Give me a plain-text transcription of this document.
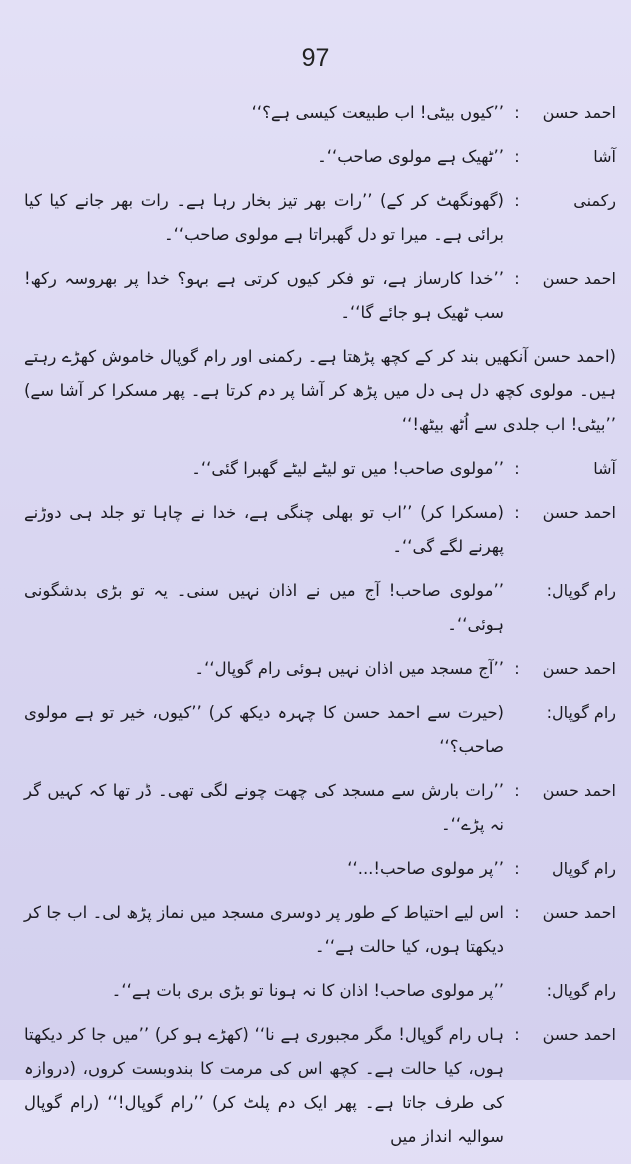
97
احمد حسن
:
’’کیوں بیٹی! اب طبیعت کیسی ہے؟‘‘
آشا
:
’’ٹھیک ہے مولوی صاحب‘‘۔
رکمنی
:
(گھونگھٹ کر کے) ’’رات بھر تیز بخار رہا ہے۔ رات بھر جانے کیا کیا برائی ہے۔ میرا تو دل گھبراتا ہے مولوی صاحب‘‘۔
احمد حسن
:
’’خدا کارساز ہے، تو فکر کیوں کرتی ہے بہو؟ خدا پر بھروسہ رکھ! سب ٹھیک ہو جائے گا‘‘۔
(احمد حسن آنکھیں بند کر کے کچھ پڑھتا ہے۔ رکمنی اور رام گوپال خاموش کھڑے رہتے ہیں۔ مولوی کچھ دل ہی دل میں پڑھ کر آشا پر دم کرتا ہے۔ پھر مسکرا کر آشا سے) ’’بیٹی! اب جلدی سے اُٹھ بیٹھ!‘‘
آشا
:
’’مولوی صاحب! میں تو لیٹے لیٹے گھبرا گئی‘‘۔
احمد حسن
:
(مسکرا کر) ’’اب تو بھلی چنگی ہے، خدا نے چاہا تو جلد ہی دوڑنے پھرنے لگے گی‘‘۔
رام گوپال:
’’مولوی صاحب! آج میں نے اذان نہیں سنی۔ یہ تو بڑی بدشگونی ہوئی‘‘۔
احمد حسن
:
’’آج مسجد میں اذان نہیں ہوئی رام گوپال‘‘۔
رام گوپال:
(حیرت سے احمد حسن کا چہرہ دیکھ کر) ’’کیوں، خیر تو ہے مولوی صاحب؟‘‘
احمد حسن
:
’’رات بارش سے مسجد کی چھت چونے لگی تھی۔ ڈر تھا کہ کہیں گر نہ پڑے‘‘۔
رام گوپال
:
’’پر مولوی صاحب!...‘‘
احمد حسن
:
اس لیے احتیاط کے طور پر دوسری مسجد میں نماز پڑھ لی۔ اب جا کر دیکھتا ہوں، کیا حالت ہے‘‘۔
رام گوپال:
’’پر مولوی صاحب! اذان کا نہ ہونا تو بڑی بری بات ہے‘‘۔
احمد حسن
:
ہاں رام گوپال! مگر مجبوری ہے نا‘‘ (کھڑے ہو کر) ’’میں جا کر دیکھتا ہوں، کیا حالت ہے۔ کچھ اس کی مرمت کا بندوبست کروں، (دروازہ کی طرف جاتا ہے۔ پھر ایک دم پلٹ کر) ’’رام گوپال!‘‘ (رام گوپال سوالیہ انداز میں
